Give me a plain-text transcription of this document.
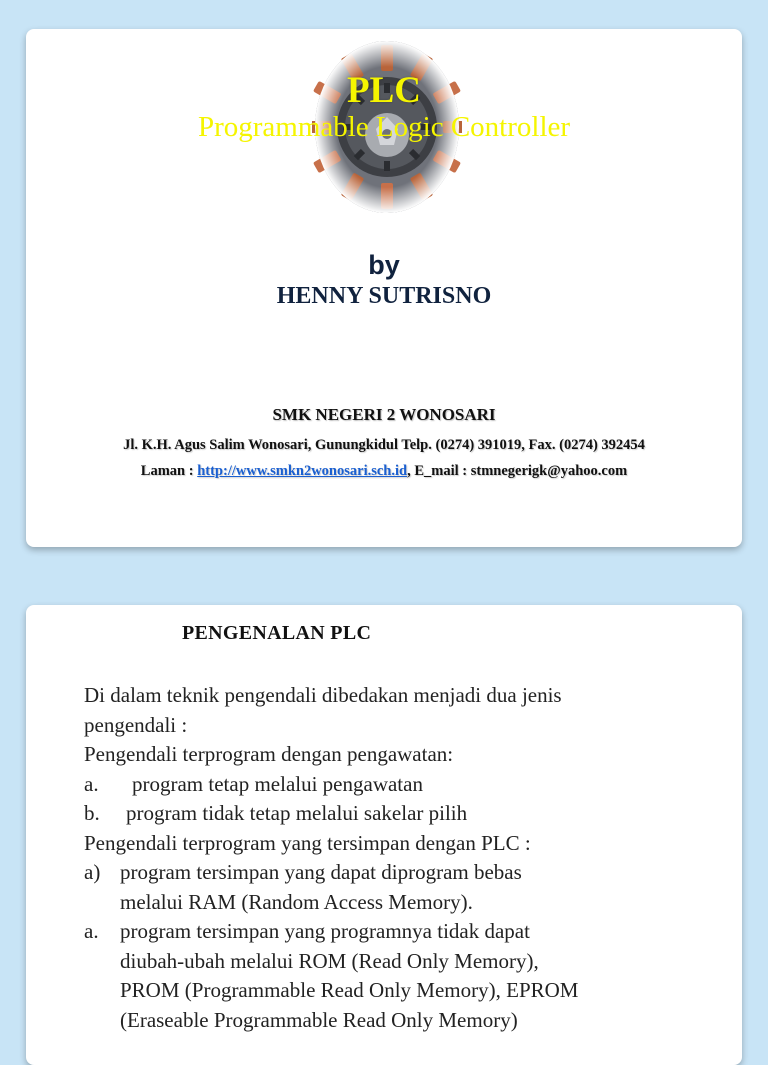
PLC
Programmable Logic Controller
by
HENNY SUTRISNO
SMK NEGERI 2 WONOSARI
Jl. K.H. Agus Salim Wonosari, Gunungkidul Telp. (0274) 391019, Fax. (0274) 392454
Laman : http://www.smkn2wonosari.sch.id, E_mail : stmnegerigk@yahoo.com
PENGENALAN PLC
Di dalam teknik pengendali dibedakan menjadi dua jenis
pengendali :
Pengendali terprogram dengan pengawatan:
a. program tetap melalui pengawatan
b. program tidak tetap melalui sakelar pilih
Pengendali terprogram yang tersimpan dengan PLC :
a) program tersimpan yang dapat diprogram bebas
melalui RAM (Random Access Memory).
a. program tersimpan yang programnya tidak dapat
diubah-ubah melalui ROM (Read Only Memory),
PROM (Programmable Read Only Memory), EPROM
(Eraseable Programmable Read Only Memory)
